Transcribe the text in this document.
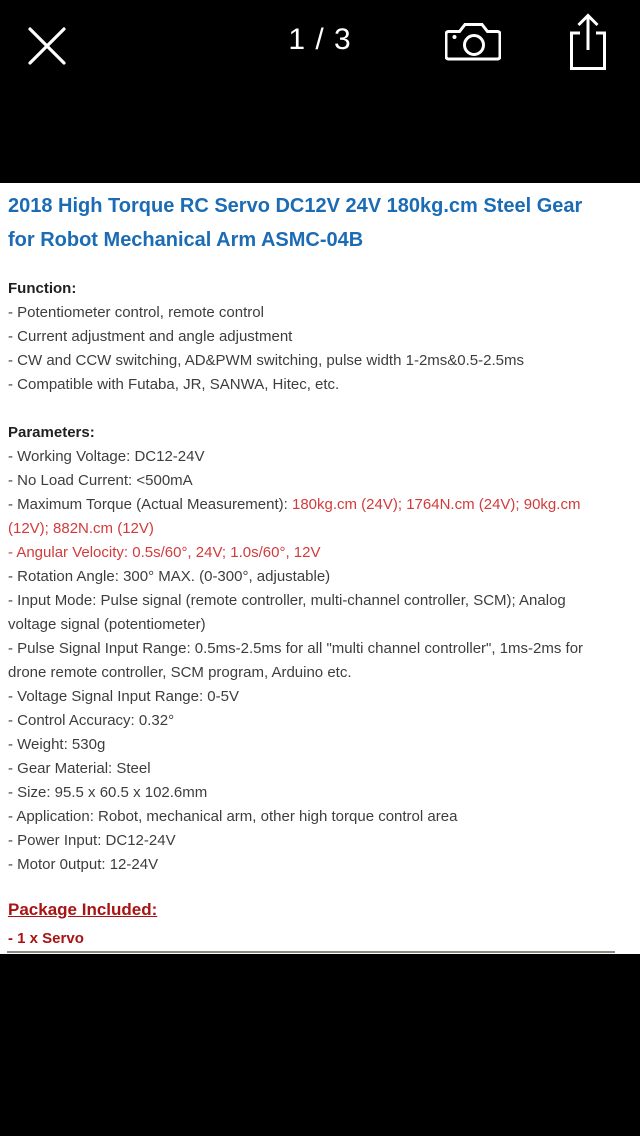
1 / 3
2018 High Torque RC Servo DC12V 24V 180kg.cm Steel Gear for Robot Mechanical Arm ASMC-04B

Function:

- Potentiometer control, remote control

- Current adjustment and angle adjustment

- CW and CCW switching, AD&PWM switching, pulse width 1-2ms&0.5-2.5ms

- Compatible with Futaba, JR, SANWA, Hitec, etc.

Parameters:

- Working Voltage: DC12-24V

- No Load Current: <500mA

- Maximum Torque (Actual Measurement): 180kg.cm (24V); 1764N.cm (24V); 90kg.cm (12V); 882N.cm (12V)

- Angular Velocity: 0.5s/60°, 24V; 1.0s/60°, 12V

- Rotation Angle: 300° MAX. (0-300°, adjustable)

- Input Mode: Pulse signal (remote controller, multi-channel controller, SCM); Analog voltage signal (potentiometer)

- Pulse Signal Input Range: 0.5ms-2.5ms for all "multi channel controller", 1ms-2ms for drone remote controller, SCM program, Arduino etc.

- Voltage Signal Input Range: 0-5V

- Control Accuracy: 0.32°

- Weight: 530g

- Gear Material: Steel

- Size: 95.5 x 60.5 x 102.6mm

- Application: Robot, mechanical arm, other high torque control area

- Power Input: DC12-24V

- Motor 0utput: 12-24V

Package Included:

- 1 x Servo
